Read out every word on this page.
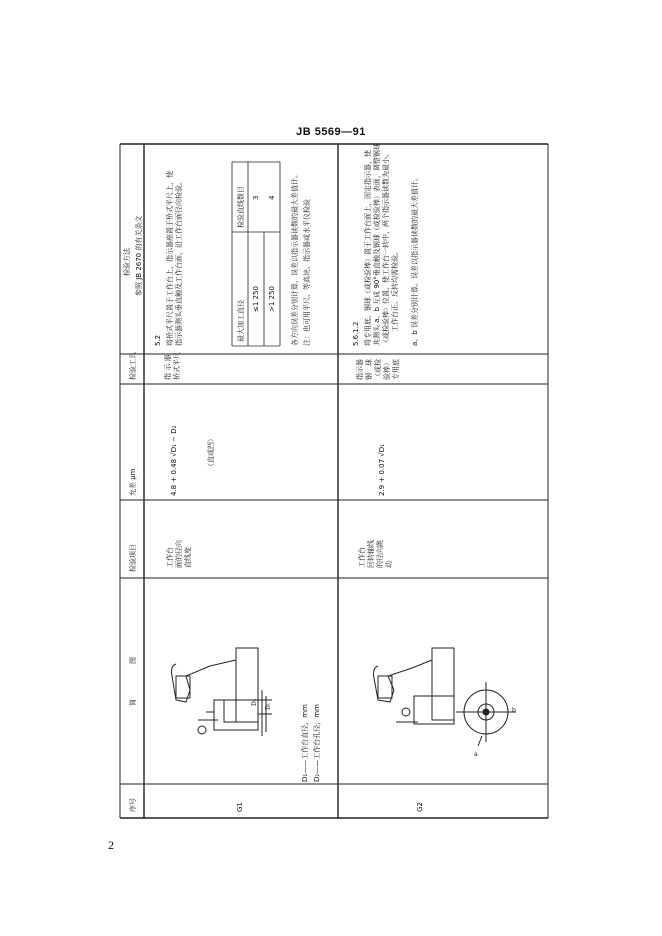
JB 5569—91
2
D₁
D₂
a
b
序号
简　　　　　图
检验项目
允差 μm
检验工具
检验方法 参照 JB 2670 的有关条文
G1
D₁——工作台直径，mm D₂——工作台孔径，mm
工作台
面的径向
直线度
4.8 + 0.48 √D₁ − D₂	（直或凹）
指 示 器
桥式平尺
5.2 将桥式平尺置于工作台上，指示器座置于桥式平尺上，使
指示器测头垂直触及工作台面，沿工作台面径向检验。	最大加工直径
检验直线数目
≤1 250
3
>1 250
4 各方向误差分别计算，误差以指示器读数的最大差值计。 注：也可用平尺、等高块、指示器或水平仪检验
G2
工作台
回转轴线
的径向跳
动
2.9 + 0.07 √D₁
指示器
钢　球
（或检
验棒）
专用底
5.6.1.2 将专用底、钢球（或检验棒）置于工作台面上，固定指示器，使
其测头 a、b 互成 90°垂直触及钢球（或检验棒）表面，调整钢球
（或检验棒）位置，使工作台一转中，两个指示器读数为最小。
　　工作台正、反转均需检验。 a、b 误差分别计算。误差以指示器读数的最大差值计。
